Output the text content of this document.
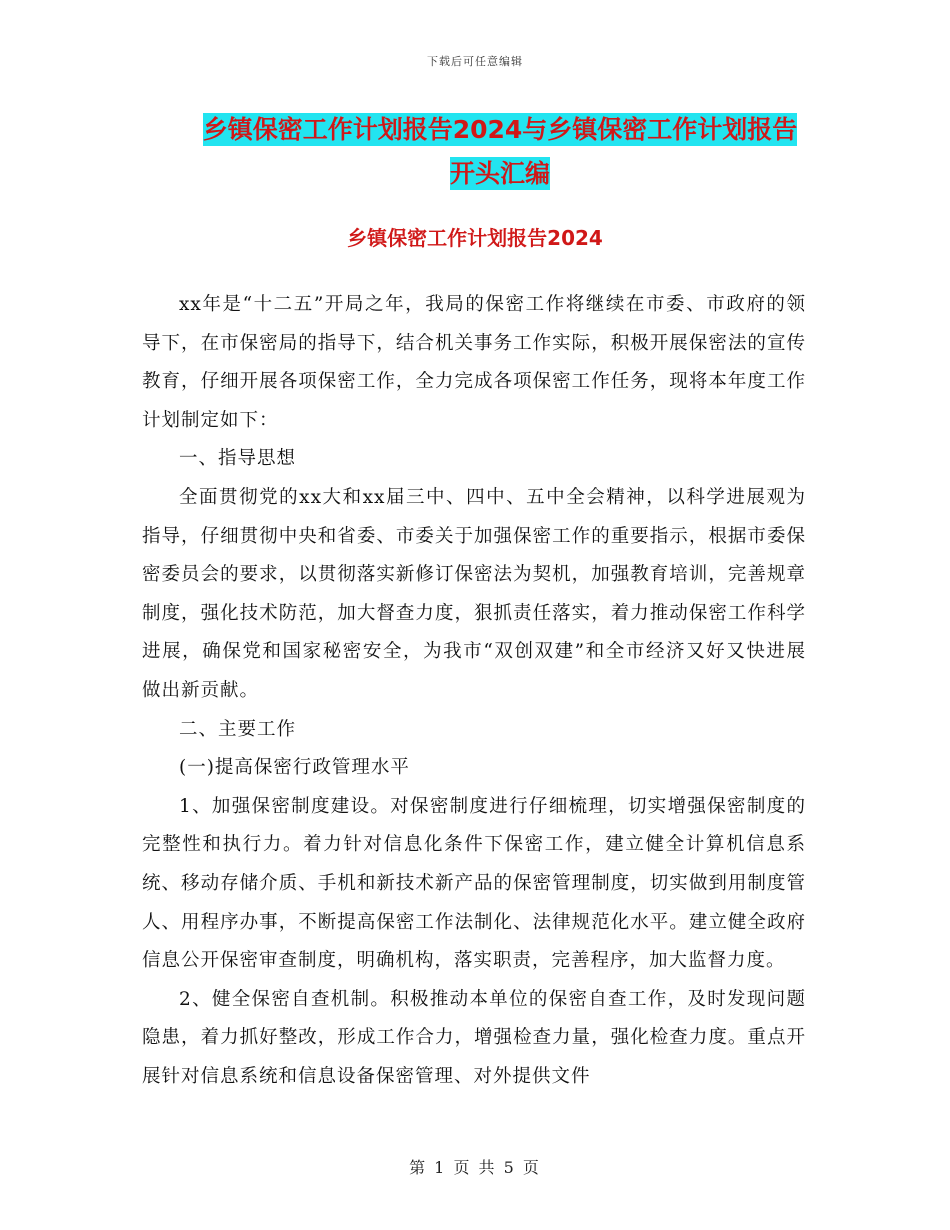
下载后可任意编辑
乡镇保密工作计划报告2024与乡镇保密工作计划报告
开头汇编
乡镇保密工作计划报告2024

xx年是“十二五”开局之年，我局的保密工作将继续在市委、市政府的领导下，在市保密局的指导下，结合机关事务工作实际，积极开展保密法的宣传教育，仔细开展各项保密工作，全力完成各项保密工作任务，现将本年度工作计划制定如下：

一、指导思想

全面贯彻党的xx大和xx届三中、四中、五中全会精神，以科学进展观为指导，仔细贯彻中央和省委、市委关于加强保密工作的重要指示，根据市委保密委员会的要求，以贯彻落实新修订保密法为契机，加强教育培训，完善规章制度，强化技术防范，加大督查力度，狠抓责任落实，着力推动保密工作科学进展，确保党和国家秘密安全，为我市“双创双建”和全市经济又好又快进展做出新贡献。

二、主要工作

(一)提高保密行政管理水平

1、加强保密制度建设。对保密制度进行仔细梳理，切实增强保密制度的完整性和执行力。着力针对信息化条件下保密工作，建立健全计算机信息系统、移动存储介质、手机和新技术新产品的保密管理制度，切实做到用制度管人、用程序办事，不断提高保密工作法制化、法律规范化水平。建立健全政府信息公开保密审查制度，明确机构，落实职责，完善程序，加大监督力度。

2、健全保密自查机制。积极推动本单位的保密自查工作，及时发现问题隐患，着力抓好整改，形成工作合力，增强检查力量，强化检查力度。重点开展针对信息系统和信息设备保密管理、对外提供文件

第 1 页 共 5 页
